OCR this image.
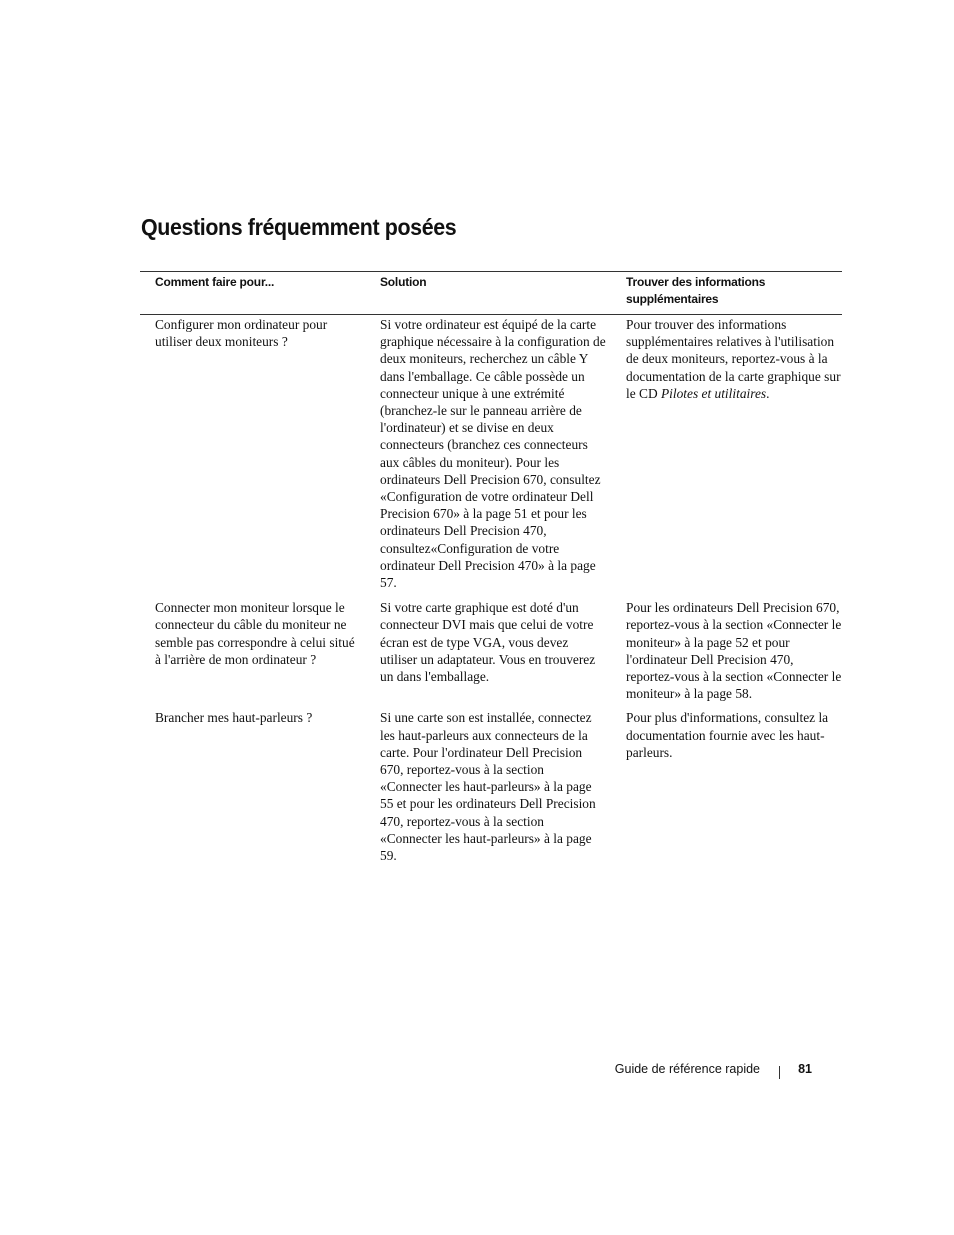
Questions fréquemment posées
Comment faire pour...	Solution	Trouver des informations supplémentaires
Configurer mon ordinateur pour utiliser deux moniteurs ?	Si votre ordinateur est équipé de la carte graphique nécessaire à la configuration de deux moniteurs, recherchez un câble Y dans l'emballage. Ce câble possède un connecteur unique à une extrémité (branchez-le sur le panneau arrière de l'ordinateur) et se divise en deux connecteurs (branchez ces connecteurs aux câbles du moniteur). Pour les ordinateurs Dell Precision 670, consultez «Configuration de votre ordinateur Dell Precision 670» à la page 51 et pour les ordinateurs Dell Precision 470, consultez«Configuration de votre ordinateur Dell Precision 470» à la page 57.	Pour trouver des informations supplémentaires relatives à l'utilisation de deux moniteurs, reportez-vous à la documentation de la carte graphique sur le CD Pilotes et utilitaires.
Connecter mon moniteur lorsque le connecteur du câble du moniteur ne semble pas correspondre à celui situé à l'arrière de mon ordinateur ?	Si votre carte graphique est doté d'un connecteur DVI mais que celui de votre écran est de type VGA, vous devez utiliser un adaptateur. Vous en trouverez un dans l'emballage.	Pour les ordinateurs Dell Precision 670, reportez-vous à la section «Connecter le moniteur» à la page 52 et pour l'ordinateur Dell Precision 470, reportez-vous à la section «Connecter le moniteur» à la page 58.
Brancher mes haut-parleurs ?	Si une carte son est installée, connectez les haut-parleurs aux connecteurs de la carte. Pour l'ordinateur Dell Precision 670, reportez-vous à la section «Connecter les haut-parleurs» à la page 55 et pour les ordinateurs Dell Precision 470, reportez-vous à la section «Connecter les haut-parleurs» à la page 59.	Pour plus d'informations, consultez la documentation fournie avec les haut-parleurs.
Guide de référence rapide	81
